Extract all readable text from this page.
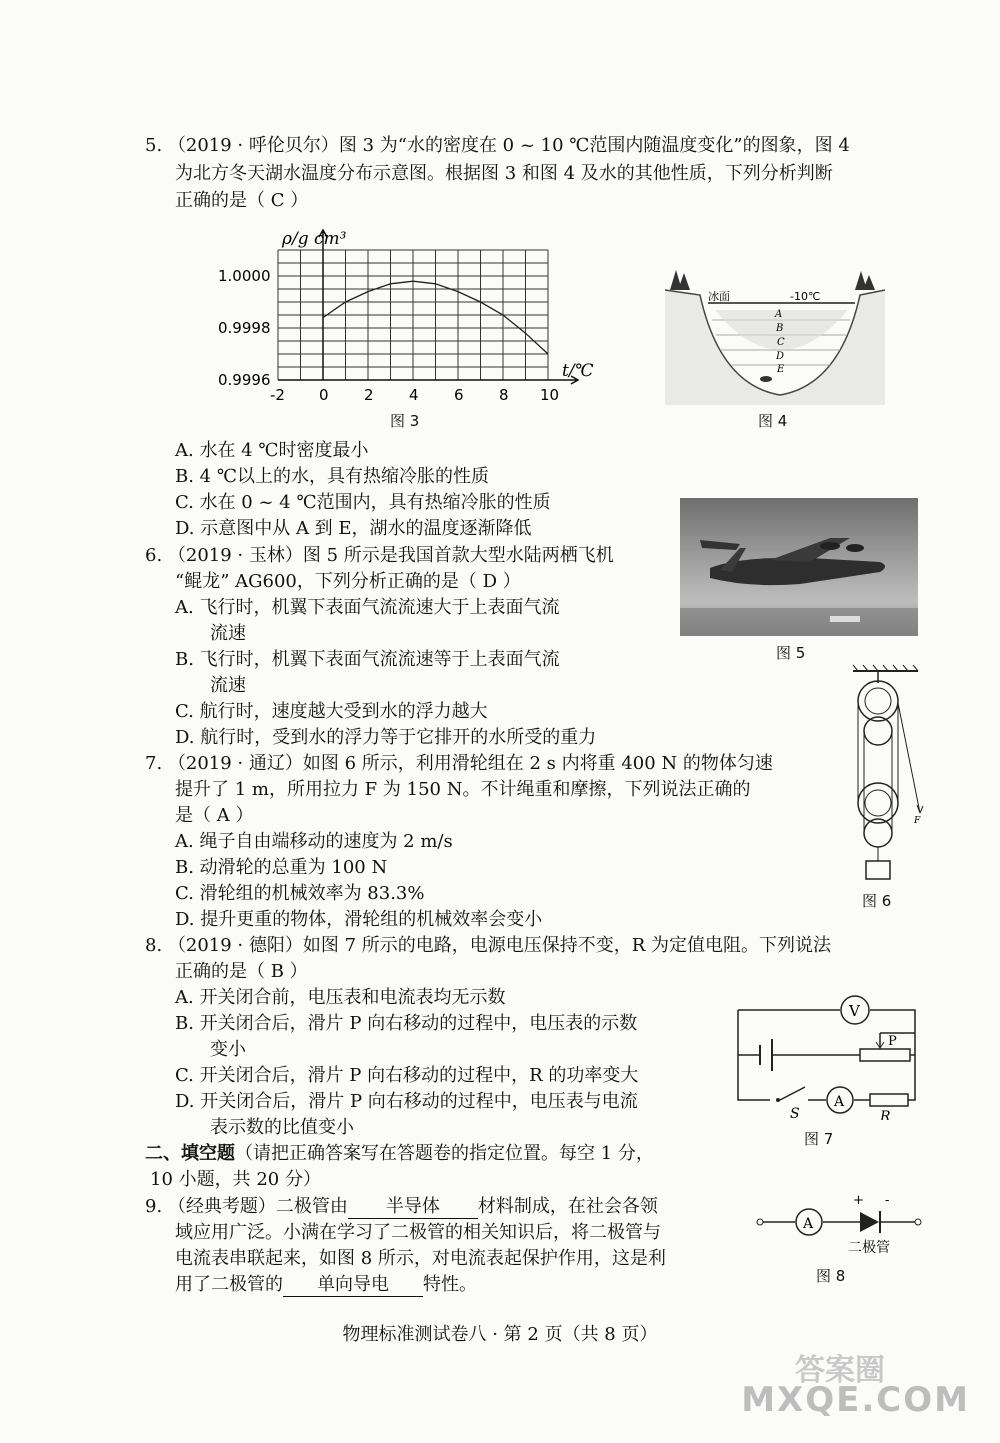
5. （2019 · 呼伦贝尔）图 3 为“水的密度在 0 ~ 10 ℃范围内随温度变化”的图象，图 4
为北方冬天湖水温度分布示意图。根据图 3 和图 4 及水的其他性质，下列分析判断
正确的是（ C ）
-2 0 2 4 6 8 10
1.0000
0.9998
0.9996
ρ/g cm³
t/℃
图 3
冰面	-10℃
A
B
C
D
E
图 4
A. 水在 4 ℃时密度最小
B. 4 ℃以上的水，具有热缩冷胀的性质
C. 水在 0 ~ 4 ℃范围内，具有热缩冷胀的性质
D. 示意图中从 A 到 E，湖水的温度逐渐降低
6. （2019 · 玉林）图 5 所示是我国首款大型水陆两栖飞机
“鲲龙” AG600，下列分析正确的是（ D ）
A. 飞行时，机翼下表面气流流速大于上表面气流
流速
B. 飞行时，机翼下表面气流流速等于上表面气流
流速
C. 航行时，速度越大受到水的浮力越大
D. 航行时，受到水的浮力等于它排开的水所受的重力
图 5
F
图 6
7. （2019 · 通辽）如图 6 所示，利用滑轮组在 2 s 内将重 400 N 的物体匀速
提升了 1 m，所用拉力 F 为 150 N。不计绳重和摩擦，下列说法正确的
是（ A ）
A. 绳子自由端移动的速度为 2 m/s
B. 动滑轮的总重为 100 N
C. 滑轮组的机械效率为 83.3%
D. 提升更重的物体，滑轮组的机械效率会变小
8. （2019 · 德阳）如图 7 所示的电路，电源电压保持不变，R 为定值电阻。下列说法
正确的是（ B ）
A. 开关闭合前，电压表和电流表均无示数
B. 开关闭合后，滑片 P 向右移动的过程中，电压表的示数
变小
C. 开关闭合后，滑片 P 向右移动的过程中，R 的功率变大
D. 开关闭合后，滑片 P 向右移动的过程中，电压表与电流
表示数的比值变小
V
P
A
S	R
图 7
二、填空题（请把正确答案写在答题卷的指定位置。每空 1 分，
10 小题，共 20 分）
9. （经典考题）二极管由 半导体 材料制成，在社会各领
域应用广泛。小满在学习了二极管的相关知识后，将二极管与
电流表串联起来，如图 8 所示，对电流表起保护作用，这是利
用了二极管的 单向导电 特性。
A
+ -
二极管
图 8
物理标准测试卷八 · 第 2 页（共 8 页）
答案圈
MXQE.COM
